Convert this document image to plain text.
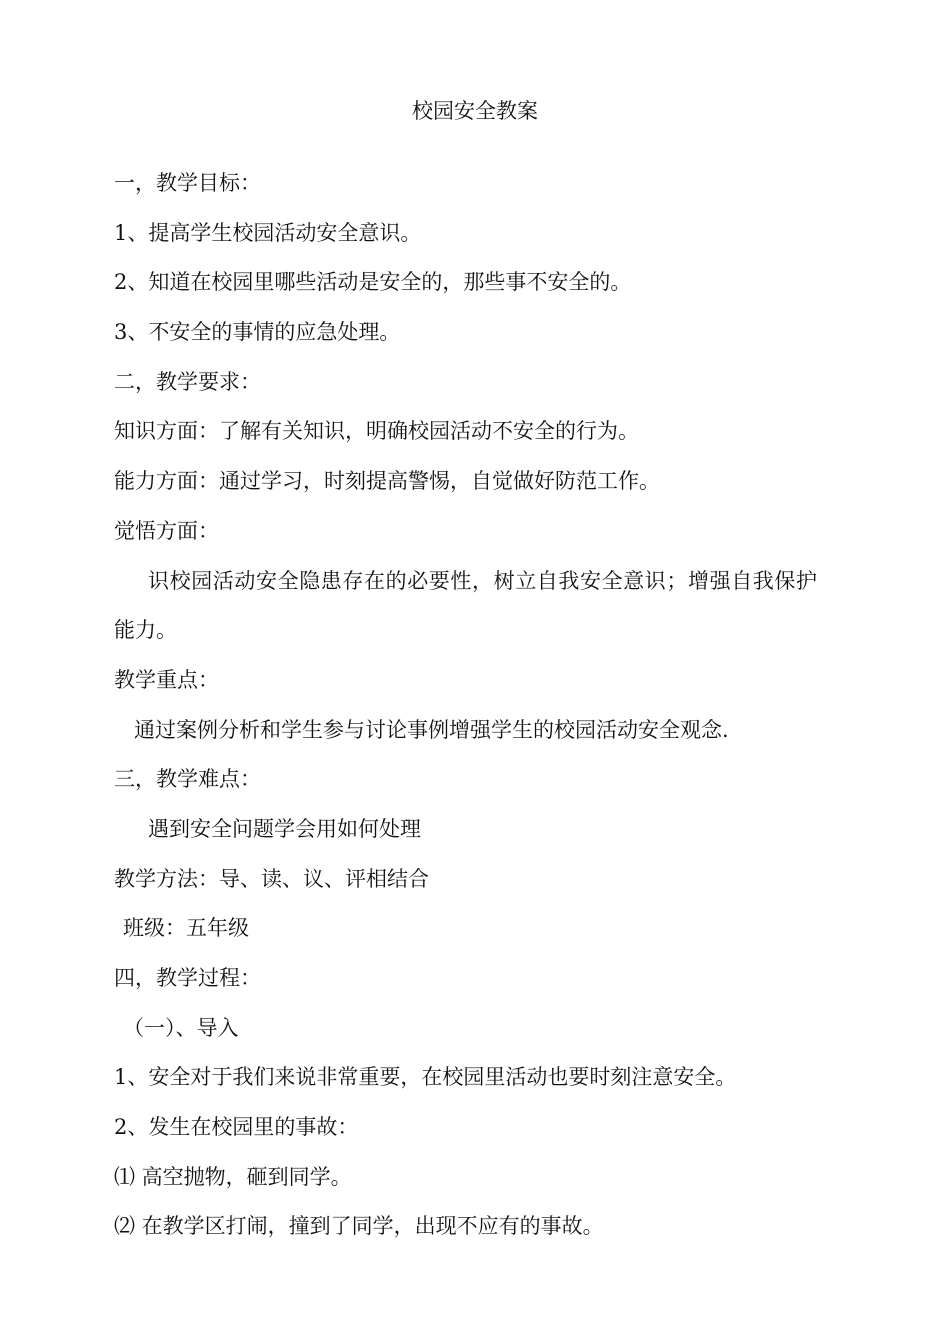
校园安全教案
一，教学目标：
1、提高学生校园活动安全意识。
2、知道在校园里哪些活动是安全的，那些事不安全的。
3、不安全的事情的应急处理。
二，教学要求：
知识方面：了解有关知识，明确校园活动不安全的行为。
能力方面：通过学习，时刻提高警惕，自觉做好防范工作。
觉悟方面：
识校园活动安全隐患存在的必要性，树立自我安全意识；增强自我保护
能力。
教学重点：
通过案例分析和学生参与讨论事例增强学生的校园活动安全观念.
三，教学难点：
遇到安全问题学会用如何处理
教学方法：导、读、议、评相结合
班级：五年级
四，教学过程：
（一）、导入
1、安全对于我们来说非常重要，在校园里活动也要时刻注意安全。
2、发生在校园里的事故：
⑴ 高空抛物，砸到同学。
⑵ 在教学区打闹，撞到了同学，出现不应有的事故。
